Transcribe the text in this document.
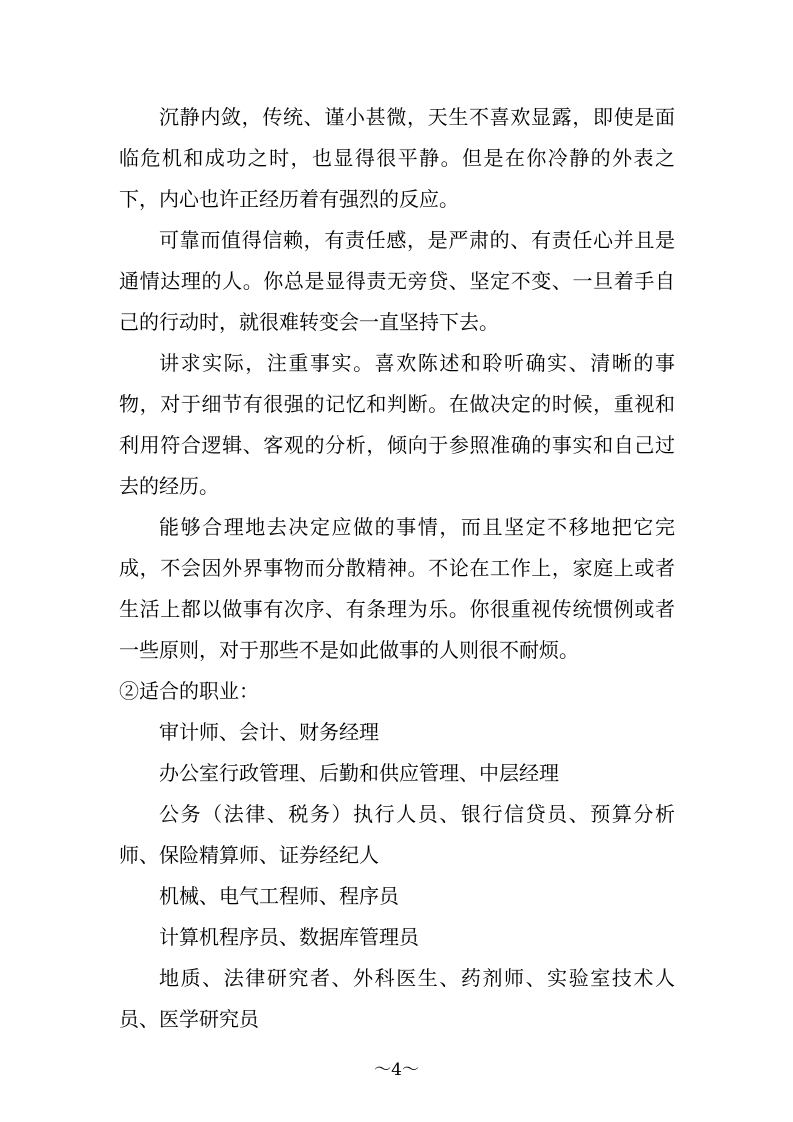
沉静内敛，传统、谨小甚微，天生不喜欢显露，即使是面临危机和成功之时，也显得很平静。但是在你冷静的外表之下，内心也许正经历着有强烈的反应。

可靠而值得信赖，有责任感，是严肃的、有责任心并且是通情达理的人。你总是显得责无旁贷、坚定不变、一旦着手自己的行动时，就很难转变会一直坚持下去。

讲求实际，注重事实。喜欢陈述和聆听确实、清晰的事物，对于细节有很强的记忆和判断。在做决定的时候，重视和利用符合逻辑、客观的分析，倾向于参照准确的事实和自己过去的经历。

能够合理地去决定应做的事情，而且坚定不移地把它完成，不会因外界事物而分散精神。不论在工作上，家庭上或者生活上都以做事有次序、有条理为乐。你很重视传统惯例或者一些原则，对于那些不是如此做事的人则很不耐烦。

②适合的职业：

审计师、会计、财务经理

办公室行政管理、后勤和供应管理、中层经理

公务（法律、税务）执行人员、银行信贷员、预算分析师、保险精算师、证券经纪人

机械、电气工程师、程序员

计算机程序员、数据库管理员

地质、法律研究者、外科医生、药剂师、实验室技术人员、医学研究员

～4～
